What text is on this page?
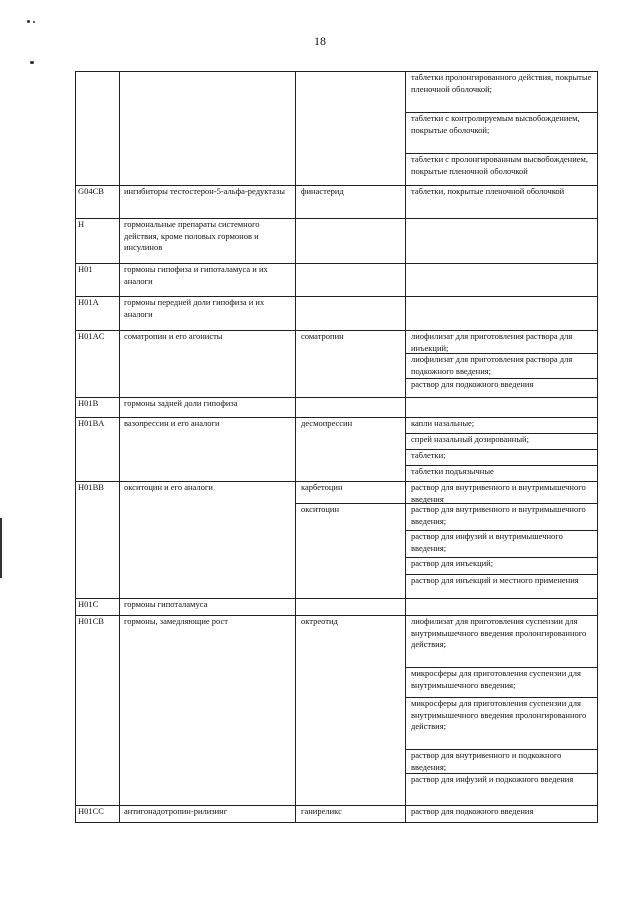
18
таблетки пролонгированного действия, покрытые пленочной оболочкой;
таблетки с контролируемым высвобождением, покрытые оболочкой;
таблетки с пролонгированным высвобождением, покрытые пленочной оболочкой
G04CB	ингибиторы тестостерон-5-альфа-редуктазы	финастерид	таблетки, покрытые пленочной оболочкой
H	гормональные препараты системного действия, кроме половых гормонов и инсулинов
H01	гормоны гипофиза и гипоталамуса и их аналоги
H01A	гормоны передней доли гипофиза и их аналоги
H01AC	соматропин и его агонисты	соматропин	лиофилизат для приготовления раствора для инъекций;
лиофилизат для приготовления раствора для подкожного введения;
раствор для подкожного введения
H01B	гормоны задней доли гипофиза
H01BA	вазопрессин и его аналоги	десмопрессин	капли назальные;
спрей назальный дозированный;
таблетки;
таблетки подъязычные
H01BB	окситоцин и его аналоги	карбетоцин	раствор для внутривенного и внутримышечного введения
окситоцин	раствор для внутривенного и внутримышечного введения;
раствор для инфузий и внутримышечного введения;
раствор для инъекций;
раствор для инъекций и местного применения
H01C	гормоны гипоталамуса
H01CB	гормоны, замедляющие рост	октреотид	лиофилизат для приготовления суспензии для внутримышечного введения пролонгированного действия;
микросферы для приготовления суспензии для внутримышечного введения;
микросферы для приготовления суспензии для внутримышечного введения пролонгированного действия;
раствор для внутривенного и подкожного введения;
раствор для инфузий и подкожного введения
H01CC	антигонадотропин-рилизинг	ганиреликс	раствор для подкожного введения
